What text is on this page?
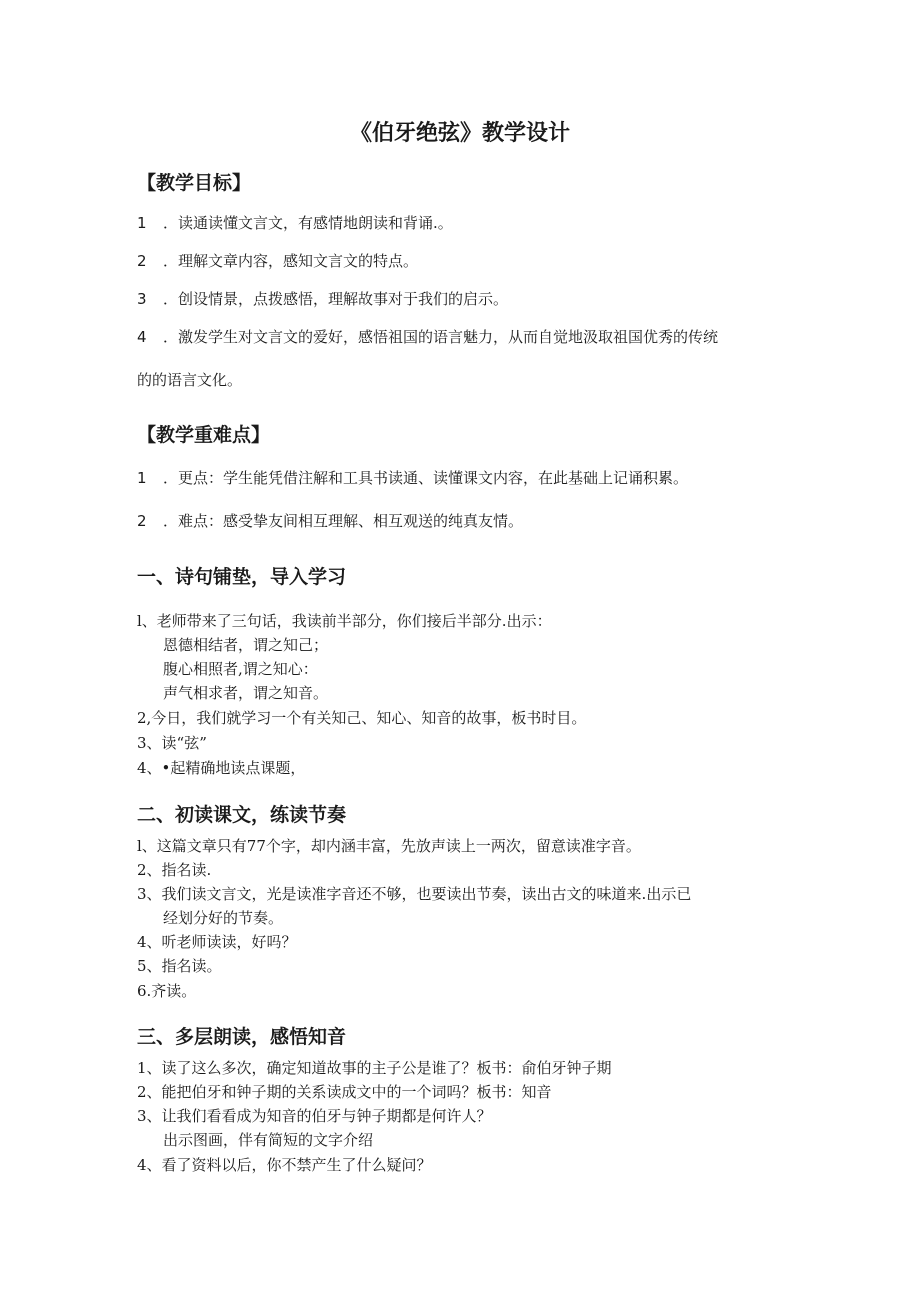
《伯牙绝弦》教学设计
【教学目标】
1 ．读通读懂文言文，有感情地朗读和背诵.。
2 ．理解文章内容，感知文言文的特点。
3 ．创设情景，点拨感悟，理解故事对于我们的启示。
4 ．激发学生对文言文的爱好，感悟祖国的语言魅力，从而自觉地汲取祖国优秀的传统
的的语言文化。
【教学重难点】
1 ．更点：学生能凭借注解和工具书读通、读懂课文内容，在此基础上记诵积累。
2 ．难点：感受挚友间相互理解、相互观送的纯真友情。
一、诗句铺垫，导入学习
l、老师带来了三句话，我读前半部分，你们接后半部分.出示：
恩德相结者，谓之知己；
腹心相照者,谓之知心：
声气相求者，谓之知音。
2,今日，我们就学习一个有关知己、知心、知音的故事，板书时目。
3、读“弦”
4、•起精确地读点课题，
二、初读课文，练读节奏
l、这篇文章只有77个字，却内涵丰富，先放声读上一两次，留意读准字音。
2、指名读.
3、我们读文言文，光是读准字音还不够，也要读出节奏，读出古文的味道来.出示已
经划分好的节奏。
4、听老师读读，好吗？
5、指名读。
6.齐读。
三、多层朗读，感悟知音
1、读了这么多次，确定知道故事的主子公是谁了？板书：俞伯牙钟子期
2、能把伯牙和钟子期的关系读成文中的一个词吗？板书：知音
3、让我们看看成为知音的伯牙与钟子期都是何许人？
出示图画，伴有简短的文字介绍
4、看了资料以后，你不禁产生了什么疑问？
